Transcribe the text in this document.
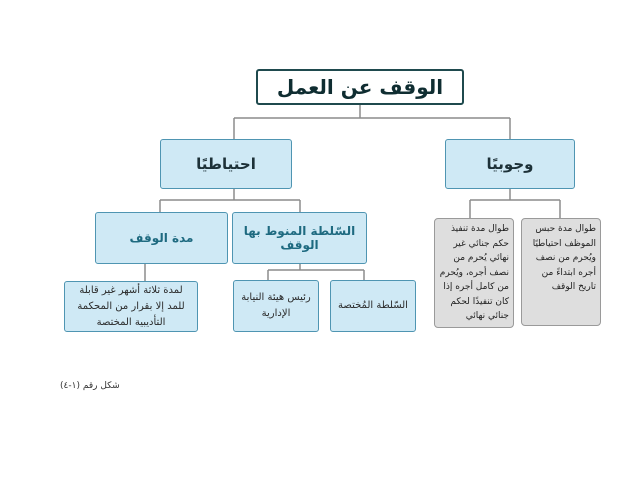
الوقف عن العمل
احتياطيًا	وجوبيًا
مدة الوقف	السّلطة المنوط بها الوقف
لمدة ثلاثة أشهر غير قابلة للمد إلا بقرار من المحكمة التأديبية المختصة
رئيس هيئة النيابة الإدارية
السّلطة المُختصة
طوال مدة تنفيذ حكم جنائي غير نهائي يُحرم من نصف أجره، ويُحرم من كامل أجره إذا كان تنفيذًا لحكم جنائي نهائي
طوال مدة حبس الموظف احتياطيًا ويُحرم من نصف أجره ابتداءً من تاريخ الوقف
شكل رقم (١-٤)
